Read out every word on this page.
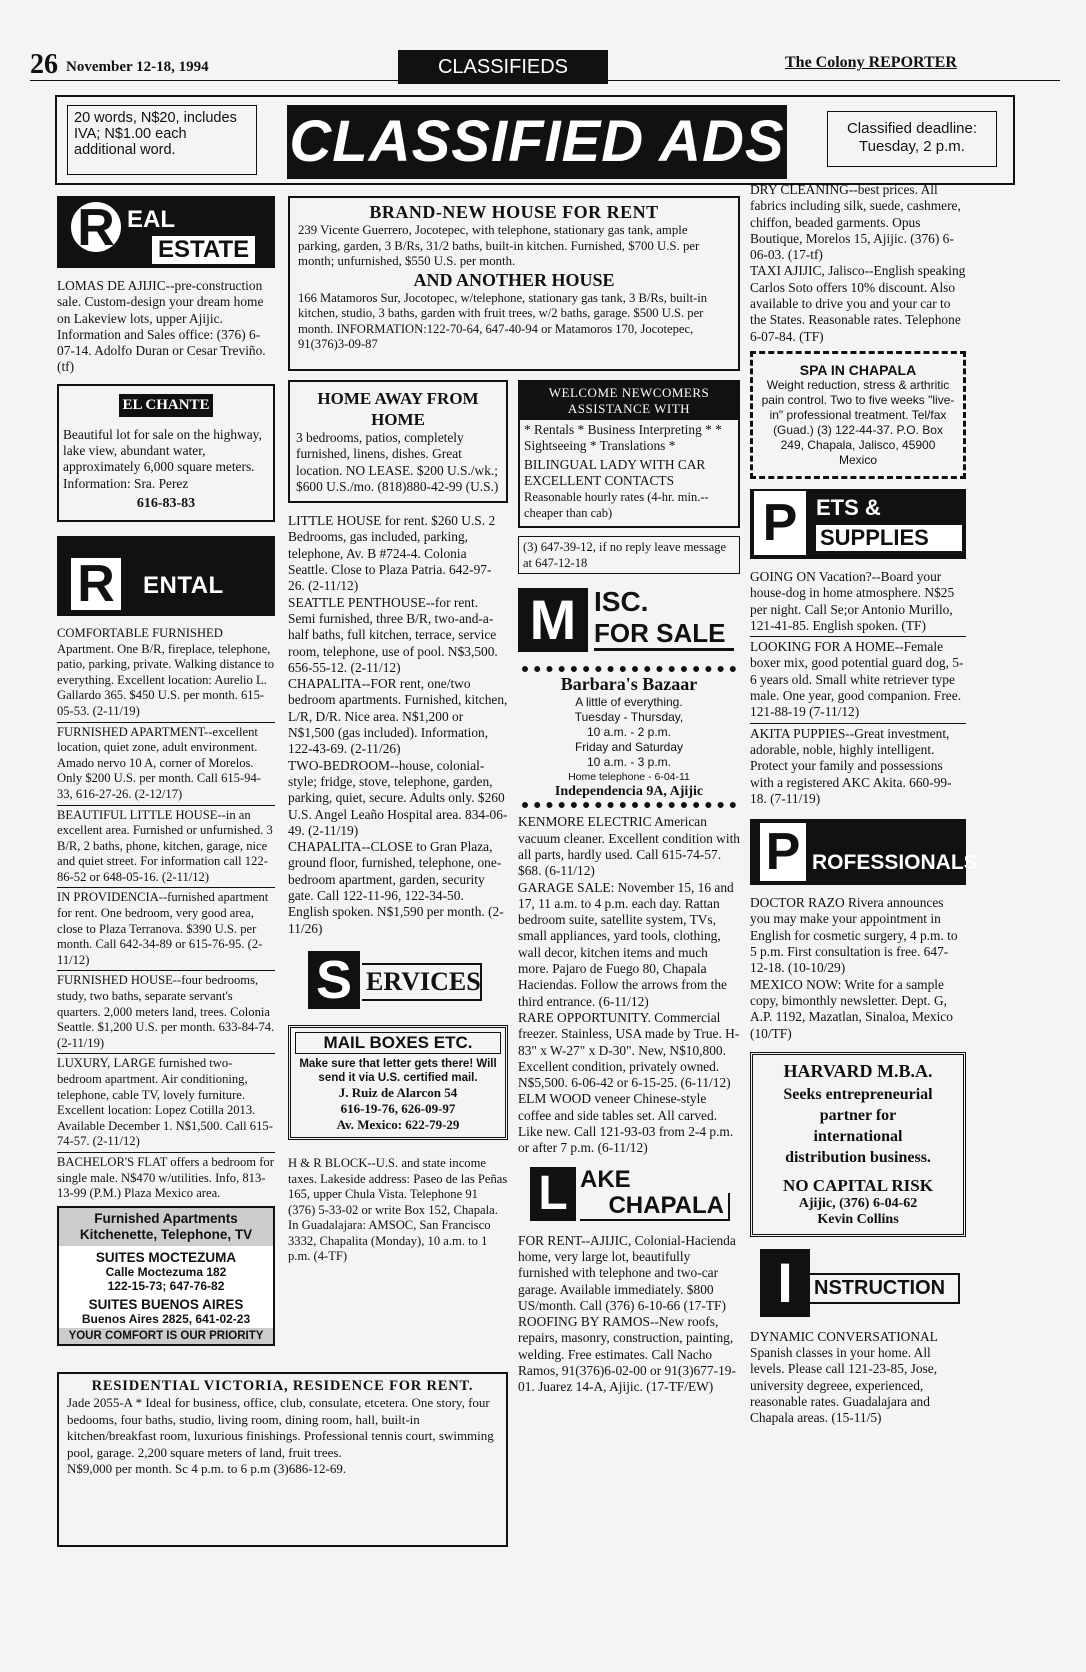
26 November 12-18, 1994	CLASSIFIEDS	The Colony REPORTER
20 words, N$20, includes IVA; N$1.00 each additional word.	CLASSIFIED ADS	Classified deadline: Tuesday, 2 p.m.
R EAL
ESTATE

LOMAS DE AJIJIC--pre-construction sale. Custom-design your dream home on Lakeview lots, upper Ajijic. Information and Sales office: (376) 6-07-14. Adolfo Duran or Cesar Treviño. (tf)

EL CHANTE

Beautiful lot for sale on the highway, lake view, abundant water, approximately 6,000 square meters. Information: Sra. Perez

616-83-83
R ENTAL

COMFORTABLE FURNISHED Apartment. One B/R, fireplace, telephone, patio, parking, private. Walking distance to everything. Excellent location: Aurelio L. Gallardo 365. $450 U.S. per month. 615-05-53. (2-11/19)

FURNISHED APARTMENT--excellent location, quiet zone, adult environment. Amado nervo 10 A, corner of Morelos. Only $200 U.S. per month. Call 615-94-33, 616-27-26. (2-12/17)

BEAUTIFUL LITTLE HOUSE--in an excellent area. Furnished or unfurnished. 3 B/R, 2 baths, phone, kitchen, garage, nice and quiet street. For information call 122-86-52 or 648-05-16. (2-11/12)

IN PROVIDENCIA--furnished apartment for rent. One bedroom, very good area, close to Plaza Terranova. $390 U.S. per month. Call 642-34-89 or 615-76-95. (2-11/12)

FURNISHED HOUSE--four bedrooms, study, two baths, separate servant's quarters. 2,000 meters land, trees. Colonia Seattle. $1,200 U.S. per month. 633-84-74. (2-11/19)

LUXURY, LARGE furnished two-bedroom apartment. Air conditioning, telephone, cable TV, lovely furniture. Excellent location: Lopez Cotilla 2013. Available December 1. N$1,500. Call 615-74-57. (2-11/12)

BACHELOR'S FLAT offers a bedroom for single male. N$470 w/utilities. Info, 813-13-99 (P.M.) Plaza Mexico area.

Furnished Apartments Kitchenette, Telephone, TV
SUITES MOCTEZUMA
Calle Moctezuma 182
122-15-73; 647-76-82
SUITES BUENOS AIRES
Buenos Aires 2825, 641-02-23
YOUR COMFORT IS OUR PRIORITY
BRAND-NEW HOUSE FOR RENT

239 Vicente Guerrero, Jocotepec, with telephone, stationary gas tank, ample parking, garden, 3 B/Rs, 31/2 baths, built-in kitchen. Furnished, $700 U.S. per month; unfurnished, $550 U.S. per month.

AND ANOTHER HOUSE

166 Matamoros Sur, Jocotopec, w/telephone, stationary gas tank, 3 B/Rs, built-in kitchen, studio, 3 baths, garden with fruit trees, w/2 baths, garage. $500 U.S. per month. INFORMATION:122-70-64, 647-40-94 or Matamoros 170, Jocotepec, 91(376)3-09-87

HOME AWAY FROM HOME

3 bedrooms, patios, completely furnished, linens, dishes. Great location. NO LEASE. $200 U.S./wk.; $600 U.S./mo. (818)880-42-99 (U.S.)

LITTLE HOUSE for rent. $260 U.S. 2 Bedrooms, gas included, parking, telephone, Av. B #724-4. Colonia Seattle. Close to Plaza Patria. 642-97-26. (2-11/12)

SEATTLE PENTHOUSE--for rent. Semi furnished, three B/R, two-and-a-half baths, full kitchen, terrace, service room, telephone, use of pool. N$3,500. 656-55-12. (2-11/12)

CHAPALITA--FOR rent, one/two bedroom apartments. Furnished, kitchen, L/R, D/R. Nice area. N$1,200 or N$1,500 (gas included). Information, 122-43-69. (2-11/26)

TWO-BEDROOM--house, colonial-style; fridge, stove, telephone, garden, parking, quiet, secure. Adults only. $260 U.S. Angel Leaño Hospital area. 834-06-49. (2-11/19)

CHAPALITA--CLOSE to Gran Plaza, ground floor, furnished, telephone, one-bedroom apartment, garden, security gate. Call 122-11-96, 122-34-50. English spoken. N$1,590 per month. (2-11/26)

S ERVICES
MAIL BOXES ETC.
Make sure that letter gets there! Will send it via U.S. certified mail.
J. Ruiz de Alarcon 54
616-19-76, 626-09-97
Av. Mexico: 622-79-29

H & R BLOCK--U.S. and state income taxes. Lakeside address: Paseo de las Peñas 165, upper Chula Vista. Telephone 91 (376) 5-33-02 or write Box 152, Chapala. In Guadalajara: AMSOC, San Francisco 3332, Chapalita (Monday), 10 a.m. to 1 p.m. (4-TF)

WELCOME NEWCOMERS ASSISTANCE WITH

* Rentals * Business Interpreting * * Sightseeing * Translations *

BILINGUAL LADY WITH CAR EXCELLENT CONTACTS

Reasonable hourly rates (4-hr. min.--cheaper than cab)

(3) 647-39-12, if no reply leave message at 647-12-18

M ISC.
FOR SALE
Barbara's Bazaar
A little of everything.
Tuesday - Thursday,
10 a.m. - 2 p.m.
Friday and Saturday
10 a.m. - 3 p.m.
Home telephone - 6-04-11
Independencia 9A, Ajijic

KENMORE ELECTRIC American vacuum cleaner. Excellent condition with all parts, hardly used. Call 615-74-57. $68. (6-11/12)

GARAGE SALE: November 15, 16 and 17, 11 a.m. to 4 p.m. each day. Rattan bedroom suite, satellite system, TVs, small appliances, yard tools, clothing, wall decor, kitchen items and much more. Pajaro de Fuego 80, Chapala Haciendas. Follow the arrows from the third entrance. (6-11/12)

RARE OPPORTUNITY. Commercial freezer. Stainless, USA made by True. H-83" x W-27" x D-30". New, N$10,800. Excellent condition, privately owned. N$5,500. 6-06-42 or 6-15-25. (6-11/12)

ELM WOOD veneer Chinese-style coffee and side tables set. All carved. Like new. Call 121-93-03 from 2-4 p.m. or after 7 p.m. (6-11/12)

L AKE
CHAPALA

FOR RENT--AJIJIC, Colonial-Hacienda home, very large lot, beautifully furnished with telephone and two-car garage. Available immediately. $800 US/month. Call (376) 6-10-66 (17-TF)

ROOFING BY RAMOS--New roofs, repairs, masonry, construction, painting, welding. Free estimates. Call Nacho Ramos, 91(376)6-02-00 or 91(3)677-19-01. Juarez 14-A, Ajijic. (17-TF/EW)

RESIDENTIAL VICTORIA, RESIDENCE FOR RENT.

Jade 2055-A * Ideal for business, office, club, consulate, etcetera. One story, four bedooms, four baths, studio, living room, dining room, hall, built-in kitchen/breakfast room, luxurious finishings. Professional tennis court, swimming pool, garage. 2,200 square meters of land, fruit trees.

N$9,000 per month. Sc 4 p.m. to 6 p.m (3)686-12-69.

DRY CLEANING--best prices. All fabrics including silk, suede, cashmere, chiffon, beaded garments. Opus Boutique, Morelos 15, Ajijic. (376) 6-06-03. (17-tf)

TAXI AJIJIC, Jalisco--English speaking Carlos Soto offers 10% discount. Also available to drive you and your car to the States. Reasonable rates. Telephone 6-07-84. (TF)

SPA IN CHAPALA
Weight reduction, stress & arthritic pain control. Two to five weeks "live-in" professional treatment. Tel/fax (Guad.) (3) 122-44-37. P.O. Box 249, Chapala, Jalisco, 45900 Mexico
P ETS &
SUPPLIES

GOING ON Vacation?--Board your house-dog in home atmosphere. N$25 per night. Call Se;or Antonio Murillo, 121-41-85. English spoken. (TF)

LOOKING FOR A HOME--Female boxer mix, good potential guard dog, 5-6 years old. Small white retriever type male. One year, good companion. Free. 121-88-19 (7-11/12)

AKITA PUPPIES--Great investment, adorable, noble, highly intelligent. Protect your family and possessions with a registered AKC Akita. 660-99-18. (7-11/19)

P ROFESSIONALS

DOCTOR RAZO Rivera announces you may make your appointment in English for cosmetic surgery, 4 p.m. to 5 p.m. First consultation is free. 647-12-18. (10-10/29)

MEXICO NOW: Write for a sample copy, bimonthly newsletter. Dept. G, A.P. 1192, Mazatlan, Sinaloa, Mexico (10/TF)

HARVARD M.B.A.
Seeks entrepreneurial partner for international distribution business.
NO CAPITAL RISK
Ajijic, (376) 6-04-62
Kevin Collins
I	NSTRUCTION

DYNAMIC CONVERSATIONAL Spanish classes in your home. All levels. Please call 121-23-85, Jose, university degreee, experienced, reasonable rates. Guadalajara and Chapala areas. (15-11/5)
